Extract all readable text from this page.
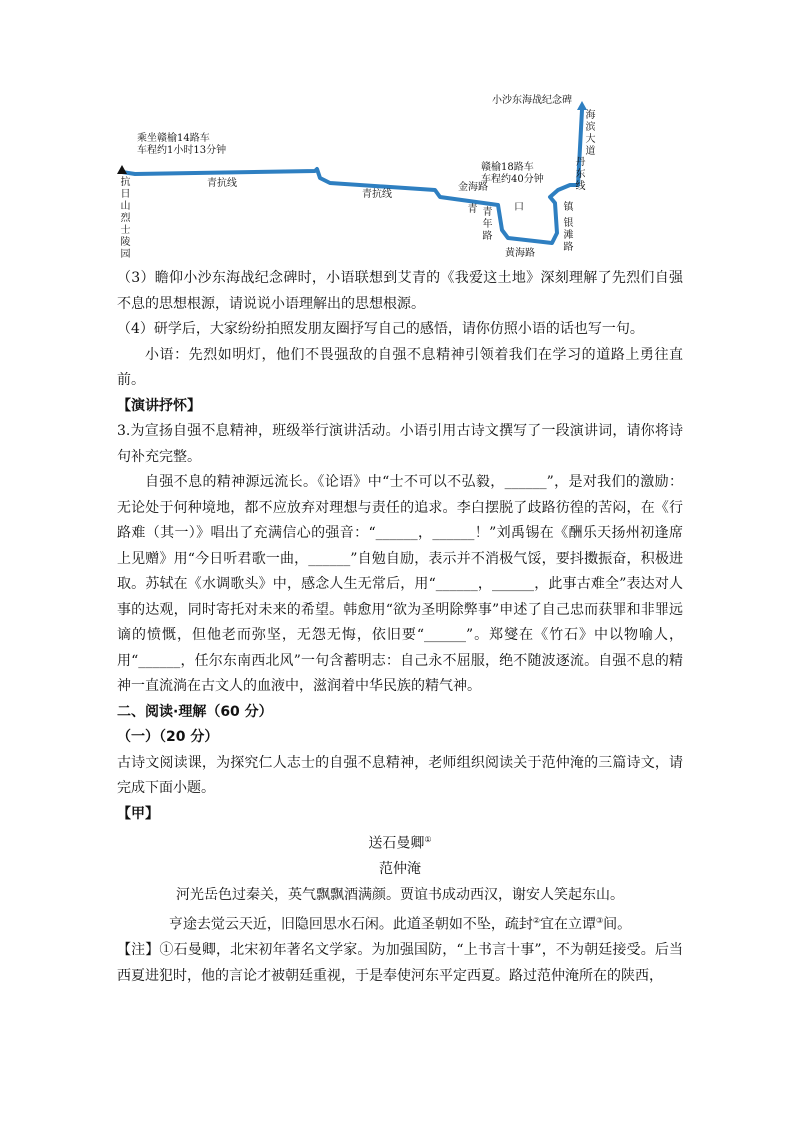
抗日山烈士陵园
乘坐赣榆14路车
车程约1小时13分钟
青抗线
青抗线
金海路
赣榆18路车
车程约40分钟
青 青年路
口
黄海路
镇
银滩路
海滨大道
丹东线
小沙东海战纪念碑

（3）瞻仰小沙东海战纪念碑时，小语联想到艾青的《我爱这土地》深刻理解了先烈们自强不息的思想根源，请说说小语理解出的思想根源。

（4）研学后，大家纷纷拍照发朋友圈抒写自己的感悟，请你仿照小语的话也写一句。

小语：先烈如明灯，他们不畏强敌的自强不息精神引领着我们在学习的道路上勇往直前。

【演讲抒怀】

3.为宣扬自强不息精神，班级举行演讲活动。小语引用古诗文撰写了一段演讲词，请你将诗句补充完整。

自强不息的精神源远流长。《论语》中“士不可以不弘毅，______”，是对我们的激励：无论处于何种境地，都不应放弃对理想与责任的追求。李白摆脱了歧路彷徨的苦闷，在《行路难（其一）》唱出了充满信心的强音：“______，______！”刘禹锡在《酬乐天扬州初逢席上见赠》用“今日听君歌一曲，______”自勉自励，表示并不消极气馁，要抖擞振奋，积极进取。苏轼在《水调歌头》中，感念人生无常后，用“______，______，此事古难全”表达对人事的达观，同时寄托对未来的希望。韩愈用“欲为圣明除弊事”申述了自己忠而获罪和非罪远谪的愤慨，但他老而弥坚，无怨无悔，依旧要“______”。郑燮在《竹石》中以物喻人，用“______，任尔东南西北风”一句含蓄明志：自己永不屈服，绝不随波逐流。自强不息的精神一直流淌在古文人的血液中，滋润着中华民族的精气神。

二、阅读·理解（60 分）

（一）（20 分）

古诗文阅读课，为探究仁人志士的自强不息精神，老师组织阅读关于范仲淹的三篇诗文，请完成下面小题。

【甲】

送石曼卿①

范仲淹

河光岳色过秦关，英气飘飘酒满颜。贾谊书成动西汉，谢安人笑起东山。

亨途去觉云天近，旧隐回思水石闲。此道圣朝如不坠，疏封②宜在立谭③间。

【注】①石曼卿，北宋初年著名文学家。为加强国防，“上书言十事”，不为朝廷接受。后当西夏进犯时，他的言论才被朝廷重视，于是奉使河东平定西夏。路过范仲淹所在的陕西，
